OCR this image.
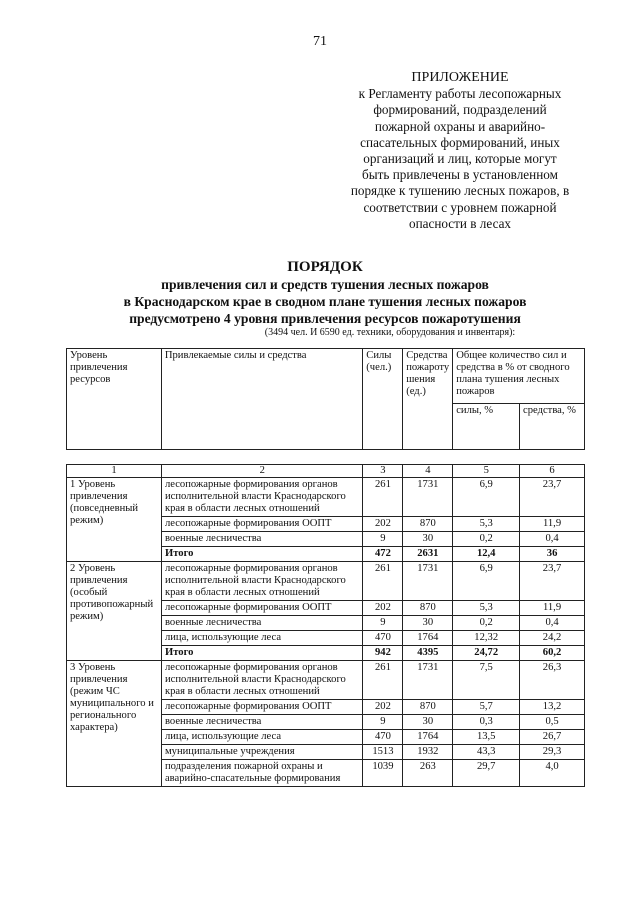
71
ПРИЛОЖЕНИЕ
к Регламенту работы лесопожарных
формирований, подразделений
пожарной охраны и аварийно-
спасательных формирований, иных
организаций и лиц, которые могут
быть привлечены в установленном
порядке к тушению лесных пожаров, в
соответствии с уровнем пожарной
опасности в лесах
ПОРЯДОК
привлечения сил и средств тушения лесных пожаров
в Краснодарском крае в сводном плане тушения лесных пожаров
предусмотрено 4 уровня привлечения ресурсов пожаротушения
(3494 чел. И 6590 ед. техники, оборудования и инвентаря):
Уровень привлечения ресурсов	Привлекаемые силы и средства	Силы (чел.)	Средства пожароту шения (ед.)	Общее количество сил и средства в % от сводного плана тушения лесных пожаров	
				силы, %	средства, %
1	2	3	4	5	6
1 Уровень привлечения (повседневный режим)	лесопожарные формирования органов исполнительной власти Краснодарского края в области лесных отношений	261	1731	6,9	23,7
	лесопожарные формирования ООПТ	202	870	5,3	11,9
	военные лесничества	9	30	0,2	0,4
	Итого	472	2631	12,4	36
2 Уровень привлечения (особый противопожарный режим)	лесопожарные формирования органов исполнительной власти Краснодарского края в области лесных отношений	261	1731	6,9	23,7
	лесопожарные формирования ООПТ	202	870	5,3	11,9
	военные лесничества	9	30	0,2	0,4
	лица, использующие леса	470	1764	12,32	24,2
	Итого	942	4395	24,72	60,2
3 Уровень привлечения (режим ЧС муниципального и регионального характера)	лесопожарные формирования органов исполнительной власти Краснодарского края в области лесных отношений	261	1731	7,5	26,3
	лесопожарные формирования ООПТ	202	870	5,7	13,2
	военные лесничества	9	30	0,3	0,5
	лица, использующие леса	470	1764	13,5	26,7
	муниципальные учреждения	1513	1932	43,3	29,3
	подразделения пожарной охраны и аварийно-спасательные формирования	1039	263	29,7	4,0
